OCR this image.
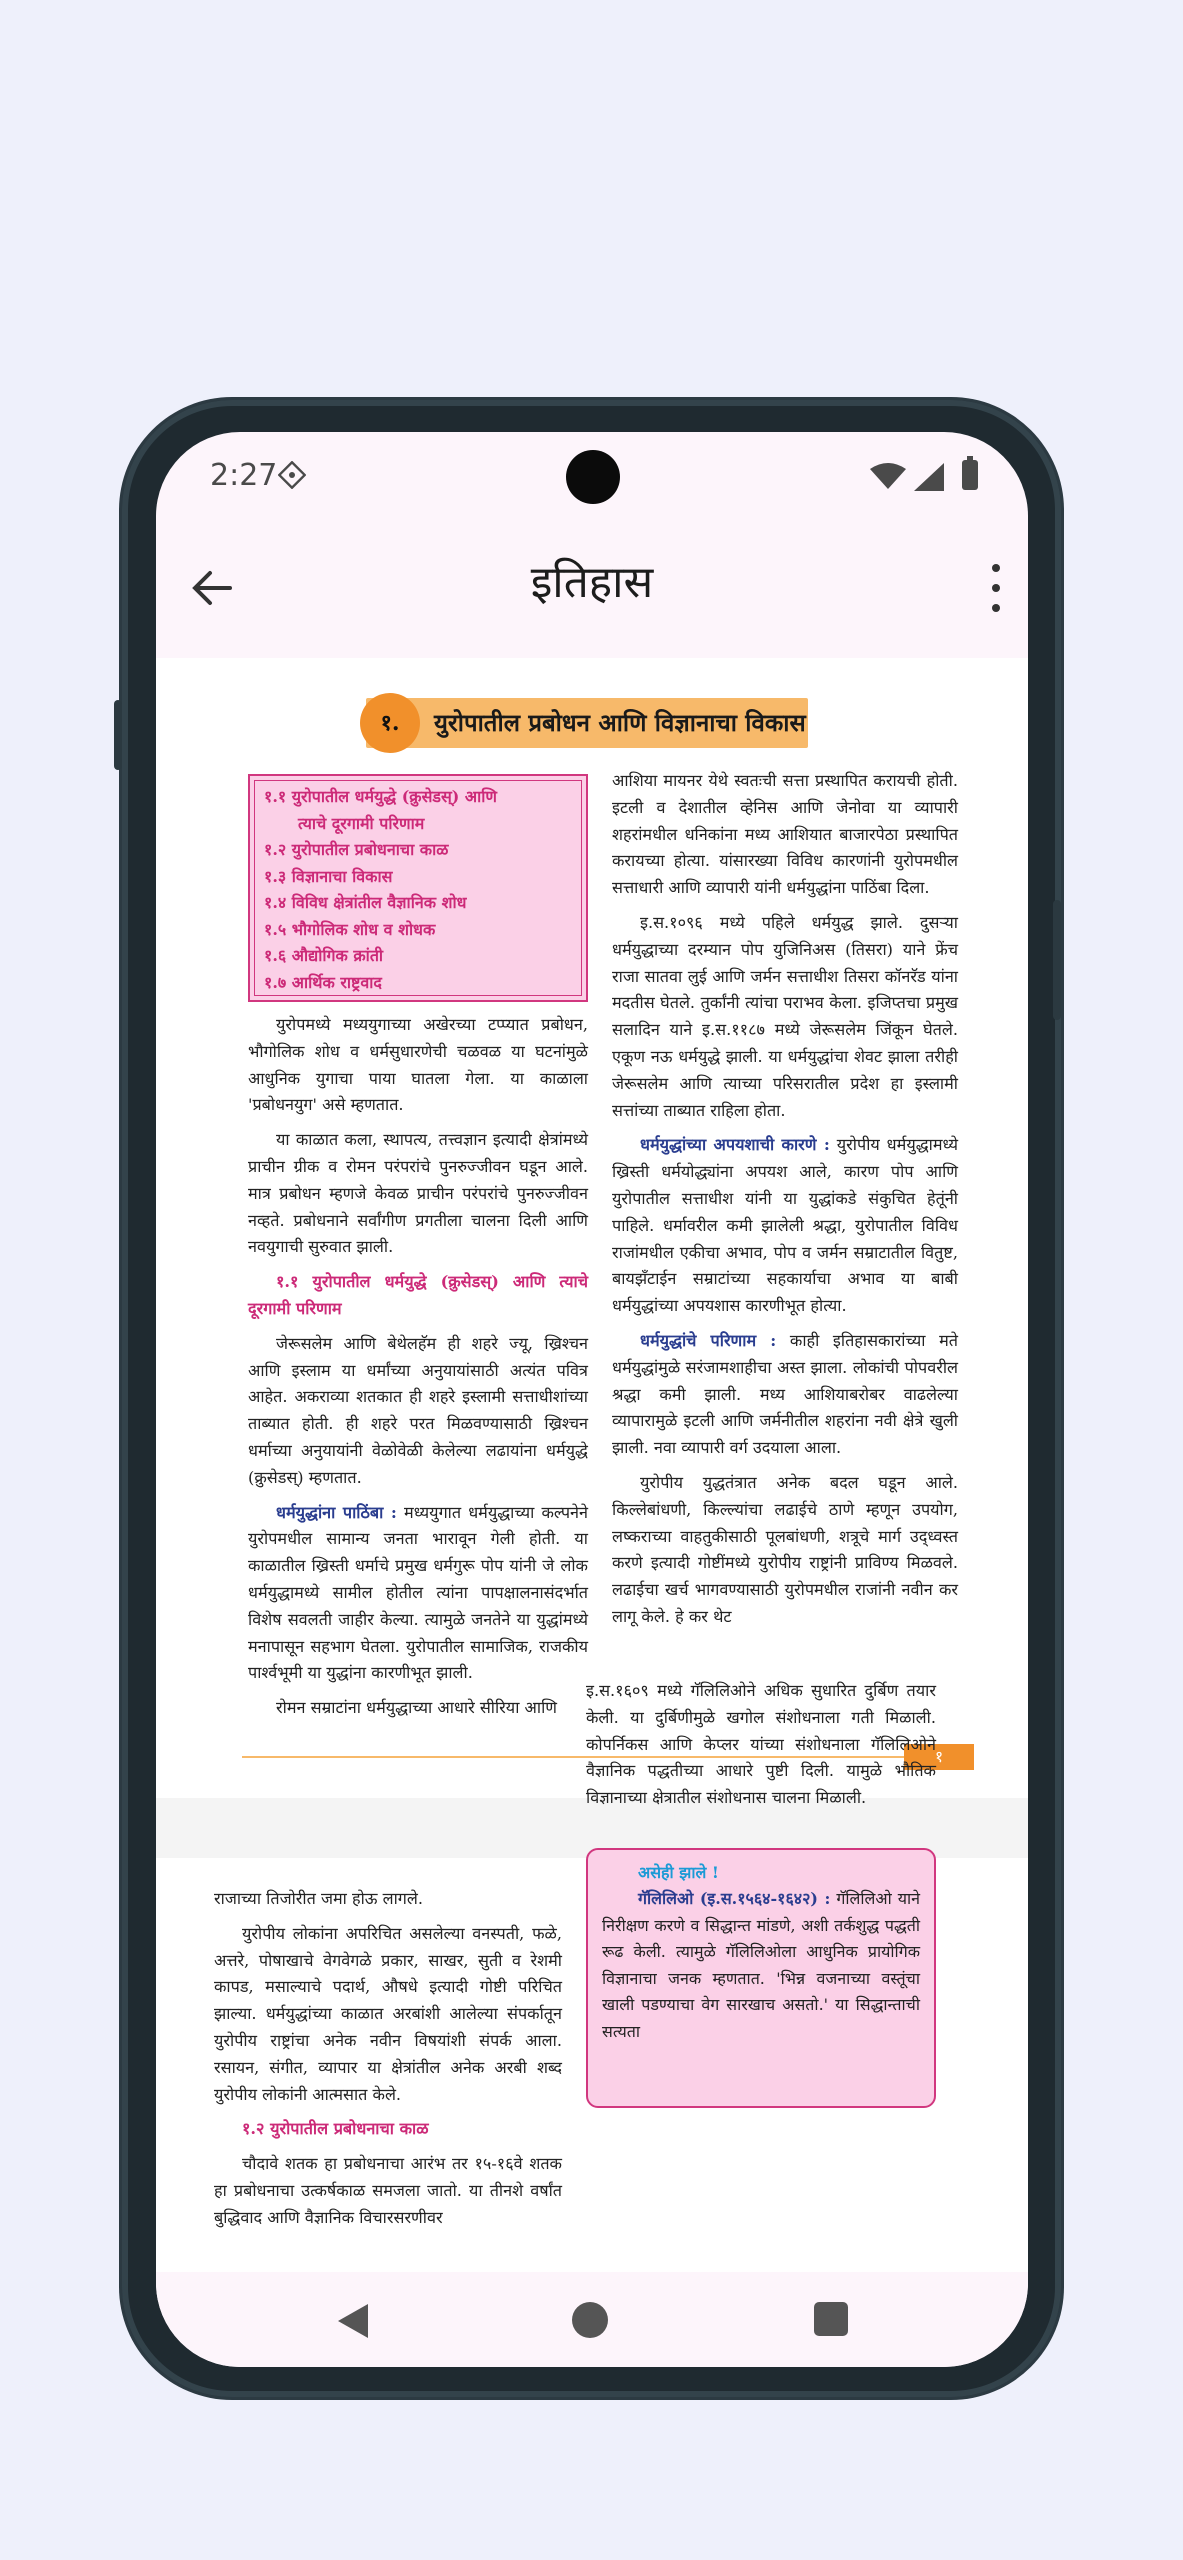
2:27
इतिहास
१.	युरोपातील प्रबोधन आणि विज्ञानाचा विकास
१.१ युरोपातील धर्मयुद्धे (क्रुसेडस्) आणि
त्याचे दूरगामी परिणाम
१.२ युरोपातील प्रबोधनाचा काळ
१.३ विज्ञानाचा विकास
१.४ विविध क्षेत्रांतील वैज्ञानिक शोध
१.५ भौगोलिक शोध व शोधक
१.६ औद्योगिक क्रांती
१.७ आर्थिक राष्ट्रवाद

युरोपमध्ये मध्ययुगाच्या अखेरच्या टप्प्यात प्रबोधन, भौगोलिक शोध व धर्मसुधारणेची चळवळ या घटनांमुळे आधुनिक युगाचा पाया घातला गेला. या काळाला 'प्रबोधनयुग' असे म्हणतात.

या काळात कला, स्थापत्य, तत्त्वज्ञान इत्यादी क्षेत्रांमध्ये प्राचीन ग्रीक व रोमन परंपरांचे पुनरुज्जीवन घडून आले. मात्र प्रबोधन म्हणजे केवळ प्राचीन परंपरांचे पुनरुज्जीवन नव्हते. प्रबोधनाने सर्वांगीण प्रगतीला चालना दिली आणि नवयुगाची सुरुवात झाली.

१.१ युरोपातील धर्मयुद्धे (क्रुसेडस्) आणि त्याचे दूरगामी परिणाम

जेरूसलेम आणि बेथेलहॅम ही शहरे ज्यू, ख्रिश्चन आणि इस्लाम या धर्मांच्या अनुयायांसाठी अत्यंत पवित्र आहेत. अकराव्या शतकात ही शहरे इस्लामी सत्ताधीशांच्या ताब्यात होती. ही शहरे परत मिळवण्यासाठी ख्रिश्चन धर्माच्या अनुयायांनी वेळोवेळी केलेल्या लढायांना धर्मयुद्धे (क्रुसेडस्) म्हणतात.

धर्मयुद्धांना पाठिंबा : मध्ययुगात धर्मयुद्धाच्या कल्पनेने युरोपमधील सामान्य जनता भारावून गेली होती. या काळातील ख्रिस्ती धर्माचे प्रमुख धर्मगुरू पोप यांनी जे लोक धर्मयुद्धामध्ये सामील होतील त्यांना पापक्षालनासंदर्भात विशेष सवलती जाहीर केल्या. त्यामुळे जनतेने या युद्धांमध्ये मनापासून सहभाग घेतला. युरोपातील सामाजिक, राजकीय पार्श्वभूमी या युद्धांना कारणीभूत झाली.

रोमन सम्राटांना धर्मयुद्धाच्या आधारे सीरिया आणि

आशिया मायनर येथे स्वतःची सत्ता प्रस्थापित करायची होती. इटली व देशातील व्हेनिस आणि जेनोवा या व्यापारी शहरांमधील धनिकांना मध्य आशियात बाजारपेठा प्रस्थापित करायच्या होत्या. यांसारख्या विविध कारणांनी युरोपमधील सत्ताधारी आणि व्यापारी यांनी धर्मयुद्धांना पाठिंबा दिला.

इ.स.१०९६ मध्ये पहिले धर्मयुद्ध झाले. दुसऱ्या धर्मयुद्धाच्या दरम्यान पोप युजिनिअस (तिसरा) याने फ्रेंच राजा सातवा लुई आणि जर्मन सत्ताधीश तिसरा कॉनरॅड यांना मदतीस घेतले. तुर्कांनी त्यांचा पराभव केला. इजिप्तचा प्रमुख सलादिन याने इ.स.११८७ मध्ये जेरूसलेम जिंकून घेतले. एकूण नऊ धर्मयुद्धे झाली. या धर्मयुद्धांचा शेवट झाला तरीही जेरूसलेम आणि त्याच्या परिसरातील प्रदेश हा इस्लामी सत्तांच्या ताब्यात राहिला होता.

धर्मयुद्धांच्या अपयशाची कारणे : युरोपीय धर्मयुद्धामध्ये ख्रिस्ती धर्मयोद्ध्यांना अपयश आले, कारण पोप आणि युरोपातील सत्ताधीश यांनी या युद्धांकडे संकुचित हेतूंनी पाहिले. धर्मावरील कमी झालेली श्रद्धा, युरोपातील विविध राजांमधील एकीचा अभाव, पोप व जर्मन सम्राटातील वितुष्ट, बायझँटाईन सम्राटांच्या सहकार्याचा अभाव या बाबी धर्मयुद्धांच्या अपयशास कारणीभूत होत्या.

धर्मयुद्धांचे परिणाम : काही इतिहासकारांच्या मते धर्मयुद्धांमुळे सरंजामशाहीचा अस्त झाला. लोकांची पोपवरील श्रद्धा कमी झाली. मध्य आशियाबरोबर वाढलेल्या व्यापारामुळे इटली आणि जर्मनीतील शहरांना नवी क्षेत्रे खुली झाली. नवा व्यापारी वर्ग उदयाला आला.

युरोपीय युद्धतंत्रात अनेक बदल घडून आले. किल्लेबांधणी, किल्ल्यांचा लढाईचे ठाणे म्हणून उपयोग, लष्कराच्या वाहतुकीसाठी पूलबांधणी, शत्रूचे मार्ग उद्ध्वस्त करणे इत्यादी गोष्टींमध्ये युरोपीय राष्ट्रांनी प्राविण्य मिळवले. लढाईचा खर्च भागवण्यासाठी युरोपमधील राजांनी नवीन कर लागू केले. हे कर थेट

१

राजाच्या तिजोरीत जमा होऊ लागले.

युरोपीय लोकांना अपरिचित असलेल्या वनस्पती, फळे, अत्तरे, पोषाखाचे वेगवेगळे प्रकार, साखर, सुती व रेशमी कापड, मसाल्याचे पदार्थ, औषधे इत्यादी गोष्टी परिचित झाल्या. धर्मयुद्धांच्या काळात अरबांशी आलेल्या संपर्कातून युरोपीय राष्ट्रांचा अनेक नवीन विषयांशी संपर्क आला. रसायन, संगीत, व्यापार या क्षेत्रांतील अनेक अरबी शब्द युरोपीय लोकांनी आत्मसात केले.

१.२ युरोपातील प्रबोधनाचा काळ

चौदावे शतक हा प्रबोधनाचा आरंभ तर १५-१६वे शतक हा प्रबोधनाचा उत्कर्षकाळ समजला जातो. या तीनशे वर्षांत बुद्धिवाद आणि वैज्ञानिक विचारसरणीवर

इ.स.१६०९ मध्ये गॅलिलिओने अधिक सुधारित दुर्बिण तयार केली. या दुर्बिणीमुळे खगोल संशोधनाला गती मिळाली. कोपर्निकस आणि केप्लर यांच्या संशोधनाला गॅलिलिओने वैज्ञानिक पद्धतीच्या आधारे पुष्टी दिली. यामुळे भौतिक विज्ञानाच्या क्षेत्रातील संशोधनास चालना मिळाली.

असेही झाले !

गॅलिलिओ (इ.स.१५६४-१६४२) : गॅलिलिओ याने निरीक्षण करणे व सिद्धान्त मांडणे, अशी तर्कशुद्ध पद्धती रूढ केली. त्यामुळे गॅलिलिओला आधुनिक प्रायोगिक विज्ञानाचा जनक म्हणतात. 'भिन्न वजनाच्या वस्तूंचा खाली पडण्याचा वेग सारखाच असतो.' या सिद्धान्ताची सत्यता
